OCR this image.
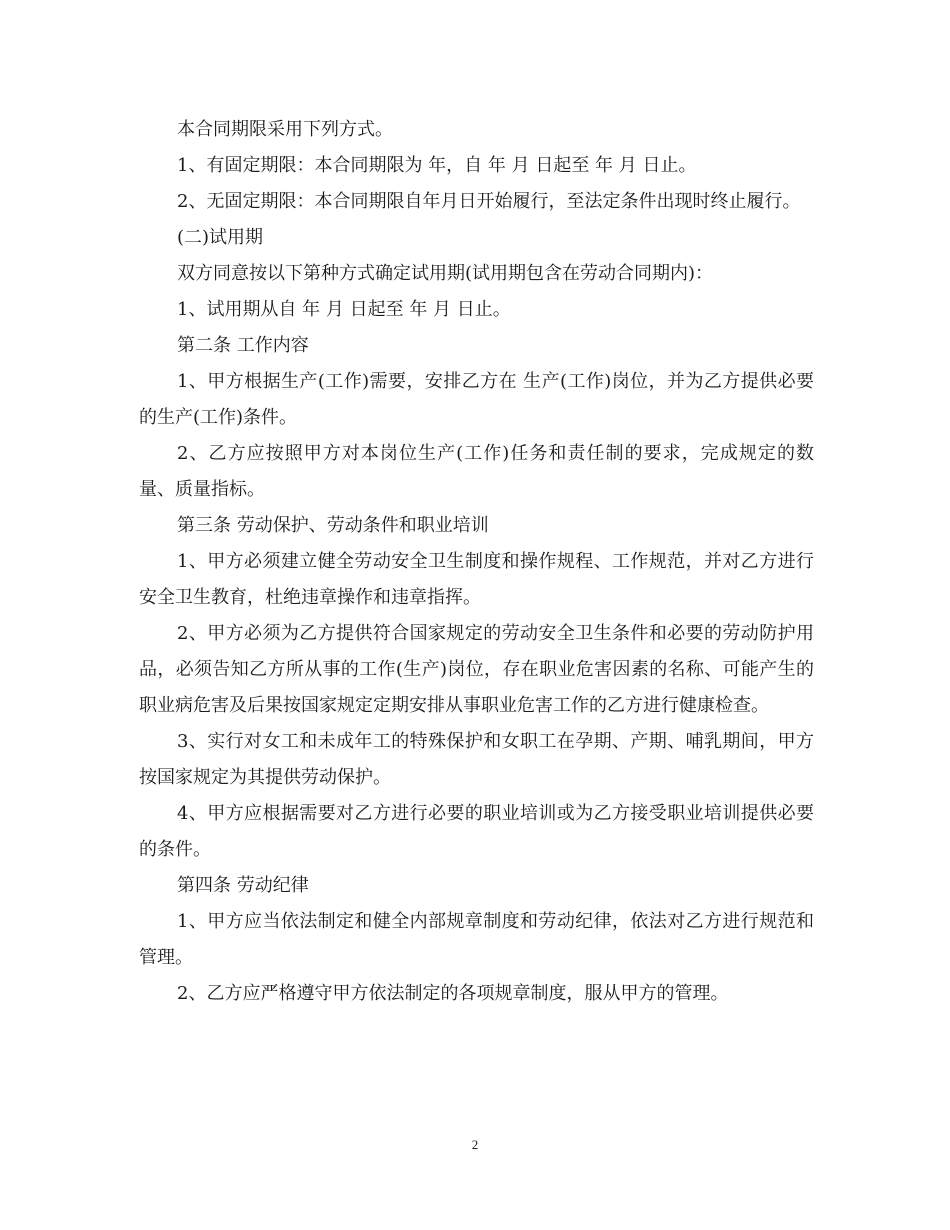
本合同期限采用下列方式。

1、有固定期限：本合同期限为 年，自 年 月 日起至 年 月 日止。

2、无固定期限：本合同期限自年月日开始履行，至法定条件出现时终止履行。

(二)试用期

双方同意按以下第种方式确定试用期(试用期包含在劳动合同期内)：

1、试用期从自 年 月 日起至 年 月 日止。

第二条 工作内容

1、甲方根据生产(工作)需要，安排乙方在 生产(工作)岗位，并为乙方提供必要的生产(工作)条件。

2、乙方应按照甲方对本岗位生产(工作)任务和责任制的要求，完成规定的数量、质量指标。

第三条 劳动保护、劳动条件和职业培训

1、甲方必须建立健全劳动安全卫生制度和操作规程、工作规范，并对乙方进行安全卫生教育，杜绝违章操作和违章指挥。

2、甲方必须为乙方提供符合国家规定的劳动安全卫生条件和必要的劳动防护用品，必须告知乙方所从事的工作(生产)岗位，存在职业危害因素的名称、可能产生的职业病危害及后果按国家规定定期安排从事职业危害工作的乙方进行健康检查。

3、实行对女工和未成年工的特殊保护和女职工在孕期、产期、哺乳期间，甲方按国家规定为其提供劳动保护。

4、甲方应根据需要对乙方进行必要的职业培训或为乙方接受职业培训提供必要的条件。

第四条 劳动纪律

1、甲方应当依法制定和健全内部规章制度和劳动纪律，依法对乙方进行规范和管理。

2、乙方应严格遵守甲方依法制定的各项规章制度，服从甲方的管理。

2
